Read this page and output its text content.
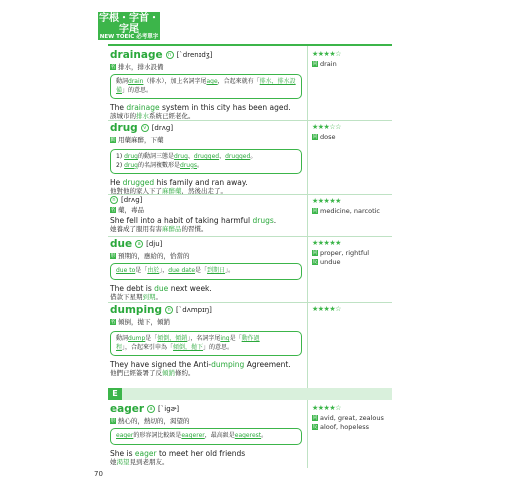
字根・字首・字尾
NEW TOEIC 必考單字
drainage	n [ˋdrenɪdʒ]
名 排水，排水設備
動詞drain（排水），加上名詞字尾age，合起來就有「排水，排水設備」的意思。
The drainage system in this city has been aged.
該城市的排水系統已經老化。
★★★★☆
同 drain
drug	v [drʌg]
動 用藥麻醉，下藥
1) drug的動詞三態是drug、drugged、drugged。
2) drug的名詞複數形是drugs。
He drugged his family and ran away.
他對他的家人下了麻醉藥，然後出走了。
★★★☆☆
同 dose
n [drʌg]
名 藥，毒品
She fell into a habit of taking harmful drugs.
她養成了服用有害麻醉品的習慣。
★★★★★
同 medicine, narcotic
due	a [dju]
形 預期的，應給的，恰當的
due to是「由於」，due date是「到期日」。
The debt is due next week.
借款下星期到期。
★★★★★
同 proper, rightful
反 undue
dumping	n [ˋdʌmpɪŋ]
名 傾倒，拋下，傾銷
動詞dump是「傾倒，傾銷」，名詞字尾ing是「動作過
程」，合起來引申為「傾倒，拋下」的意思。
They have signed the Anti-dumping Agreement.
他們已經簽署了反傾銷條約。
★★★★☆
E
eager	a [ˋigɚ]
形 熱心的，熱切的，渴望的
eager的形容詞比較級是eagerer，最高級是eagerest。
She is eager to meet her old friends
她渴望見到老朋友。
★★★★☆
同 avid, great, zealous
反 aloof, hopeless
70
